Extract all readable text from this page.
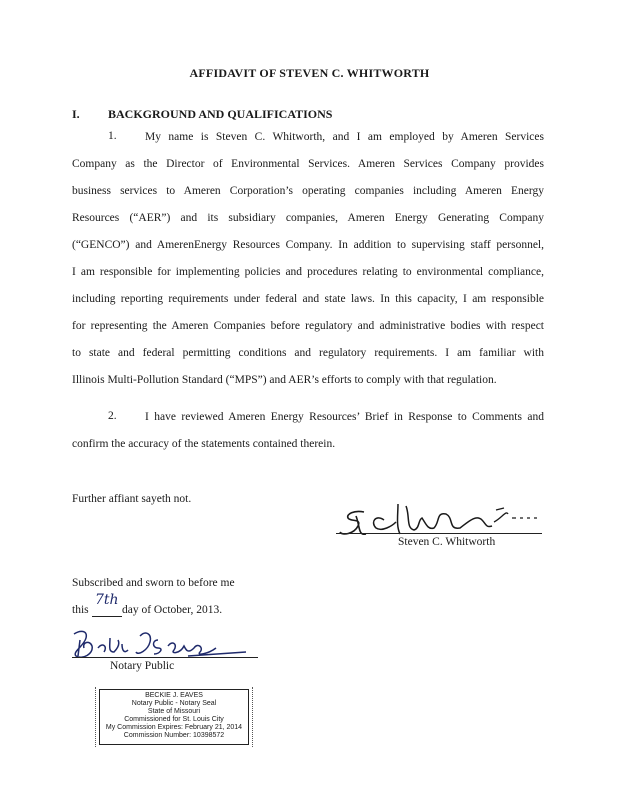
AFFIDAVIT OF STEVEN C. WHITWORTH
I. BACKGROUND AND QUALIFICATIONS
1. My name is Steven C. Whitworth, and I am employed by Ameren Services
Company as the Director of Environmental Services. Ameren Services Company provides
business services to Ameren Corporation’s operating companies including Ameren Energy
Resources (“AER”) and its subsidiary companies, Ameren Energy Generating Company
(“GENCO”) and AmerenEnergy Resources Company. In addition to supervising staff personnel,
I am responsible for implementing policies and procedures relating to environmental compliance,
including reporting requirements under federal and state laws. In this capacity, I am responsible
for representing the Ameren Companies before regulatory and administrative bodies with respect
to state and federal permitting conditions and regulatory requirements. I am familiar with
Illinois Multi-Pollution Standard (“MPS”) and AER’s efforts to comply with that regulation.
2. I have reviewed Ameren Energy Resources’ Brief in Response to Comments and
confirm the accuracy of the statements contained therein.
Further affiant sayeth not.
Steven C. Whitworth
Subscribed and sworn to before me
this
7th
day of October, 2013.
Notary Public
BECKIE J. EAVES
Notary Public - Notary Seal
State of Missouri
Commissioned for St. Louis City
My Commission Expires: February 21, 2014
Commission Number: 10398572
